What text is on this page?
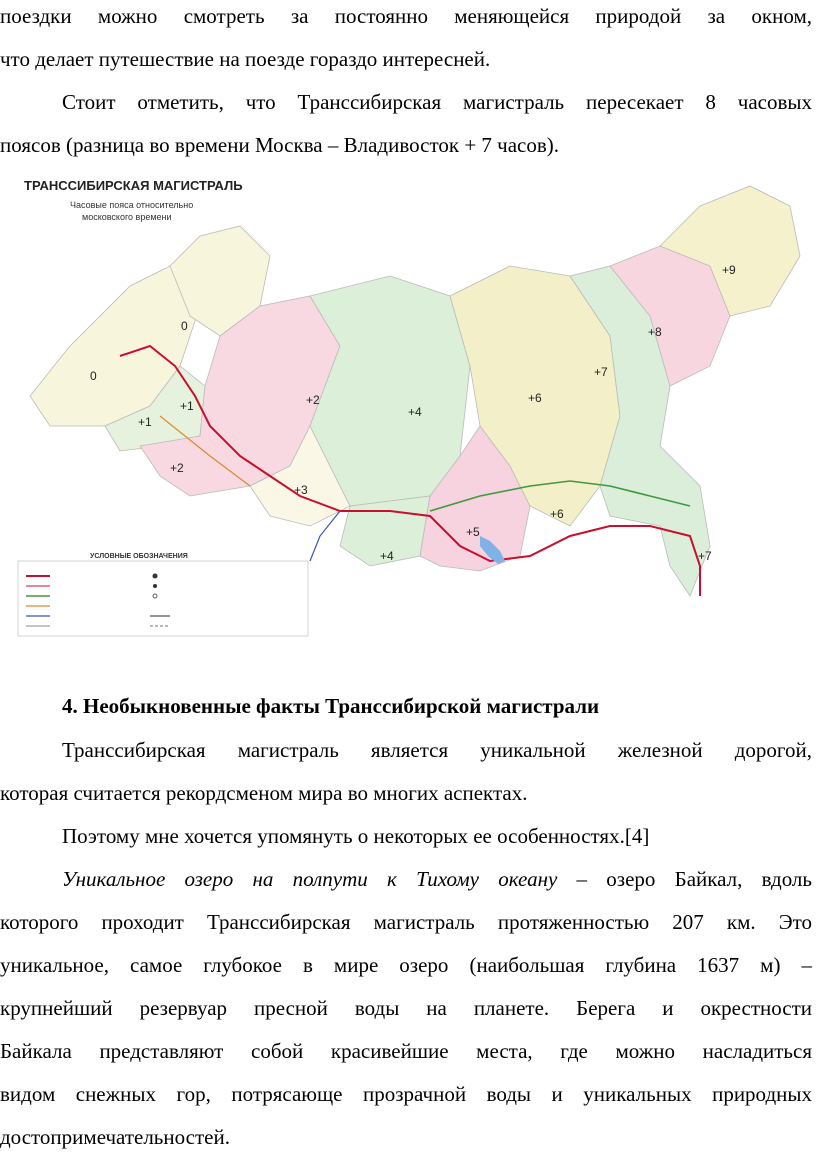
поездки можно смотреть за постоянно меняющейся природой за окном,
что делает путешествие на поезде гораздо интересней.
Стоит отметить, что Транссибирская магистраль пересекает 8 часовых
поясов (разница во времени Москва – Владивосток + 7 часов).
ТРАНССИБИРСКАЯ МАГИСТРАЛЬ
Часовые пояса относительно
московского времени
УСЛОВНЫЕ ОБОЗНАЧЕНИЯ
0
0
+1
+1	+2
+2
+3
+4
+4
+5
+6
+6
+7
+7
+8
+9
4. Необыкновенные факты Транссибирской магистрали
Транссибирская магистраль является уникальной железной дорогой,
которая считается рекордсменом мира во многих аспектах.
Поэтому мне хочется упомянуть о некоторых ее особенностях.[4]
Уникальное озеро на полпути к Тихому океану – озеро Байкал, вдоль
которого проходит Транссибирская магистраль протяженностью 207 км. Это
уникальное, самое глубокое в мире озеро (наибольшая глубина 1637 м) –
крупнейший резервуар пресной воды на планете. Берега и окрестности
Байкала представляют собой красивейшие места, где можно насладиться
видом снежных гор, потрясающе прозрачной воды и уникальных природных
достопримечательностей.
